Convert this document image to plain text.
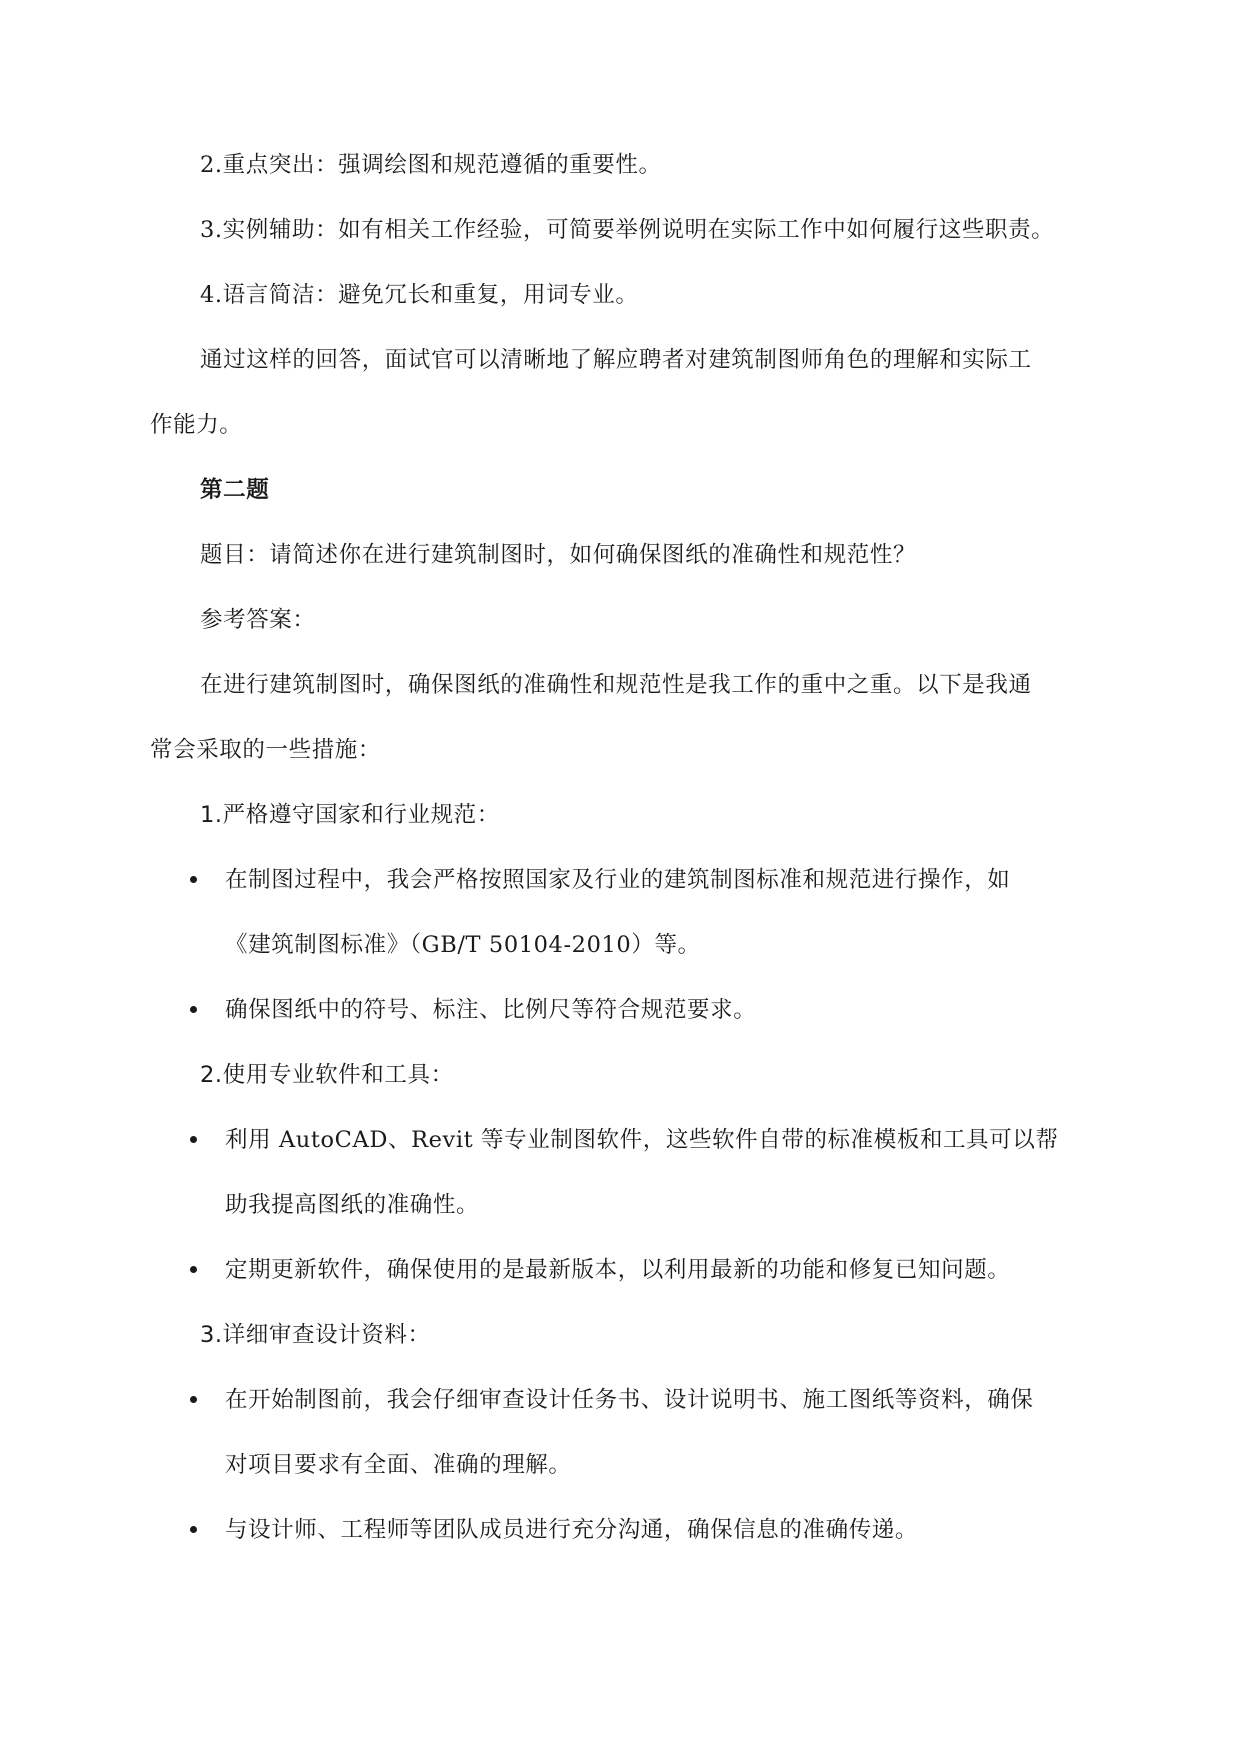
2.重点突出：强调绘图和规范遵循的重要性。
3.实例辅助：如有相关工作经验，可简要举例说明在实际工作中如何履行这些职责。
4.语言简洁：避免冗长和重复，用词专业。
通过这样的回答，面试官可以清晰地了解应聘者对建筑制图师角色的理解和实际工
作能力。
第二题
题目：请简述你在进行建筑制图时，如何确保图纸的准确性和规范性？
参考答案：
在进行建筑制图时，确保图纸的准确性和规范性是我工作的重中之重。以下是我通
常会采取的一些措施：
1.严格遵守国家和行业规范：
在制图过程中，我会严格按照国家及行业的建筑制图标准和规范进行操作，如
《建筑制图标准》（GB/T 50104-2010）等。
确保图纸中的符号、标注、比例尺等符合规范要求。
2.使用专业软件和工具：
利用 AutoCAD、Revit 等专业制图软件，这些软件自带的标准模板和工具可以帮
助我提高图纸的准确性。
定期更新软件，确保使用的是最新版本，以利用最新的功能和修复已知问题。
3.详细审查设计资料：
在开始制图前，我会仔细审查设计任务书、设计说明书、施工图纸等资料，确保
对项目要求有全面、准确的理解。
与设计师、工程师等团队成员进行充分沟通，确保信息的准确传递。
